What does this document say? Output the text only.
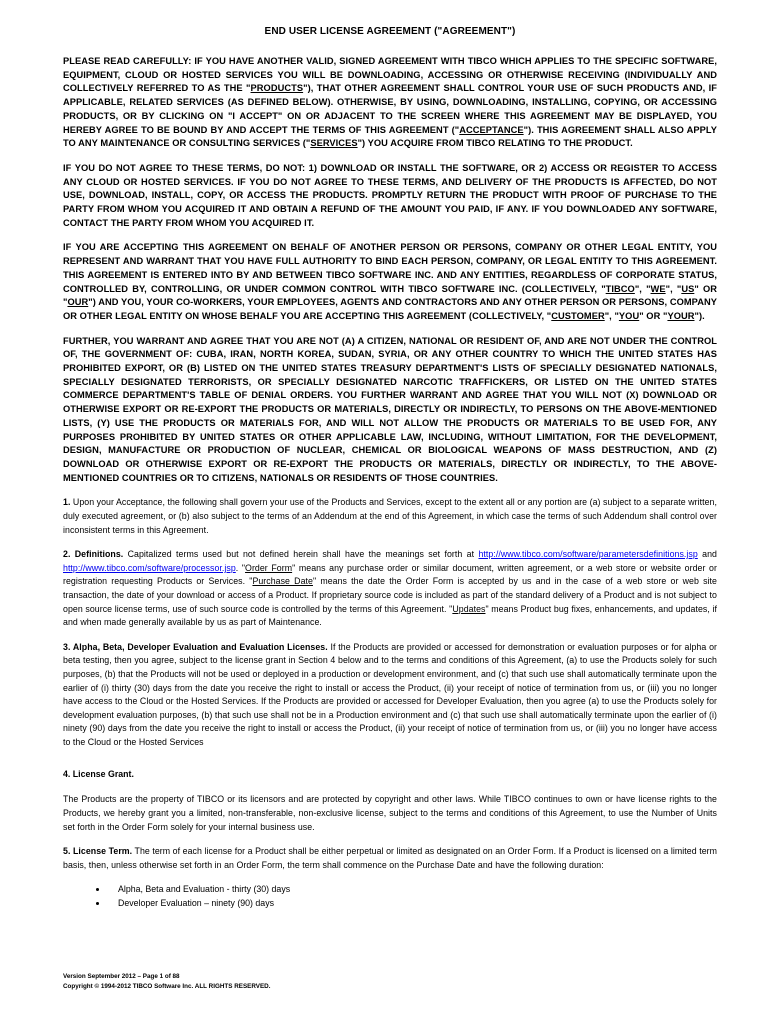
END USER LICENSE AGREEMENT ("AGREEMENT")

PLEASE READ CAREFULLY: IF YOU HAVE ANOTHER VALID, SIGNED AGREEMENT WITH TIBCO WHICH APPLIES TO THE SPECIFIC SOFTWARE, EQUIPMENT, CLOUD OR HOSTED SERVICES YOU WILL BE DOWNLOADING, ACCESSING OR OTHERWISE RECEIVING (INDIVIDUALLY AND COLLECTIVELY REFERRED TO AS THE "PRODUCTS"), THAT OTHER AGREEMENT SHALL CONTROL YOUR USE OF SUCH PRODUCTS AND, IF APPLICABLE, RELATED SERVICES (AS DEFINED BELOW). OTHERWISE, BY USING, DOWNLOADING, INSTALLING, COPYING, OR ACCESSING PRODUCTS, OR BY CLICKING ON "I ACCEPT" ON OR ADJACENT TO THE SCREEN WHERE THIS AGREEMENT MAY BE DISPLAYED, YOU HEREBY AGREE TO BE BOUND BY AND ACCEPT THE TERMS OF THIS AGREEMENT ("ACCEPTANCE"). THIS AGREEMENT SHALL ALSO APPLY TO ANY MAINTENANCE OR CONSULTING SERVICES ("SERVICES") YOU ACQUIRE FROM TIBCO RELATING TO THE PRODUCT.

IF YOU DO NOT AGREE TO THESE TERMS, DO NOT: 1) DOWNLOAD OR INSTALL THE SOFTWARE, OR 2) ACCESS OR REGISTER TO ACCESS ANY CLOUD OR HOSTED SERVICES. IF YOU DO NOT AGREE TO THESE TERMS, AND DELIVERY OF THE PRODUCTS IS AFFECTED, DO NOT USE, DOWNLOAD, INSTALL, COPY, OR ACCESS THE PRODUCTS. PROMPTLY RETURN THE PRODUCT WITH PROOF OF PURCHASE TO THE PARTY FROM WHOM YOU ACQUIRED IT AND OBTAIN A REFUND OF THE AMOUNT YOU PAID, IF ANY. IF YOU DOWNLOADED ANY SOFTWARE, CONTACT THE PARTY FROM WHOM YOU ACQUIRED IT.

IF YOU ARE ACCEPTING THIS AGREEMENT ON BEHALF OF ANOTHER PERSON OR PERSONS, COMPANY OR OTHER LEGAL ENTITY, YOU REPRESENT AND WARRANT THAT YOU HAVE FULL AUTHORITY TO BIND EACH PERSON, COMPANY, OR LEGAL ENTITY TO THIS AGREEMENT. THIS AGREEMENT IS ENTERED INTO BY AND BETWEEN TIBCO SOFTWARE INC. AND ANY ENTITIES, REGARDLESS OF CORPORATE STATUS, CONTROLLED BY, CONTROLLING, OR UNDER COMMON CONTROL WITH TIBCO SOFTWARE INC. (COLLECTIVELY, "TIBCO", "WE", "US" OR "OUR") AND YOU, YOUR CO-WORKERS, YOUR EMPLOYEES, AGENTS AND CONTRACTORS AND ANY OTHER PERSON OR PERSONS, COMPANY OR OTHER LEGAL ENTITY ON WHOSE BEHALF YOU ARE ACCEPTING THIS AGREEMENT (COLLECTIVELY, "CUSTOMER", "YOU" OR "YOUR").

FURTHER, YOU WARRANT AND AGREE THAT YOU ARE NOT (A) A CITIZEN, NATIONAL OR RESIDENT OF, AND ARE NOT UNDER THE CONTROL OF, THE GOVERNMENT OF: CUBA, IRAN, NORTH KOREA, SUDAN, SYRIA, OR ANY OTHER COUNTRY TO WHICH THE UNITED STATES HAS PROHIBITED EXPORT, OR (B) LISTED ON THE UNITED STATES TREASURY DEPARTMENT'S LISTS OF SPECIALLY DESIGNATED NATIONALS, SPECIALLY DESIGNATED TERRORISTS, OR SPECIALLY DESIGNATED NARCOTIC TRAFFICKERS, OR LISTED ON THE UNITED STATES COMMERCE DEPARTMENT'S TABLE OF DENIAL ORDERS. YOU FURTHER WARRANT AND AGREE THAT YOU WILL NOT (X) DOWNLOAD OR OTHERWISE EXPORT OR RE-EXPORT THE PRODUCTS OR MATERIALS, DIRECTLY OR INDIRECTLY, TO PERSONS ON THE ABOVE-MENTIONED LISTS, (Y) USE THE PRODUCTS OR MATERIALS FOR, AND WILL NOT ALLOW THE PRODUCTS OR MATERIALS TO BE USED FOR, ANY PURPOSES PROHIBITED BY UNITED STATES OR OTHER APPLICABLE LAW, INCLUDING, WITHOUT LIMITATION, FOR THE DEVELOPMENT, DESIGN, MANUFACTURE OR PRODUCTION OF NUCLEAR, CHEMICAL OR BIOLOGICAL WEAPONS OF MASS DESTRUCTION, AND (Z) DOWNLOAD OR OTHERWISE EXPORT OR RE-EXPORT THE PRODUCTS OR MATERIALS, DIRECTLY OR INDIRECTLY, TO THE ABOVE-MENTIONED COUNTRIES OR TO CITIZENS, NATIONALS OR RESIDENTS OF THOSE COUNTRIES.

1. Upon your Acceptance, the following shall govern your use of the Products and Services, except to the extent all or any portion are (a) subject to a separate written, duly executed agreement, or (b) also subject to the terms of an Addendum at the end of this Agreement, in which case the terms of such Addendum shall control over inconsistent terms in this Agreement.

2. Definitions. Capitalized terms used but not defined herein shall have the meanings set forth at http://www.tibco.com/software/parametersdefinitions.jsp and http://www.tibco.com/software/processor.jsp. "Order Form" means any purchase order or similar document, written agreement, or a web store or website order or registration requesting Products or Services. "Purchase Date" means the date the Order Form is accepted by us and in the case of a web store or web site transaction, the date of your download or access of a Product. If proprietary source code is included as part of the standard delivery of a Product and is not subject to open source license terms, use of such source code is controlled by the terms of this Agreement. "Updates" means Product bug fixes, enhancements, and updates, if and when made generally available by us as part of Maintenance.

3. Alpha, Beta, Developer Evaluation and Evaluation Licenses. If the Products are provided or accessed for demonstration or evaluation purposes or for alpha or beta testing, then you agree, subject to the license grant in Section 4 below and to the terms and conditions of this Agreement, (a) to use the Products solely for such purposes, (b) that the Products will not be used or deployed in a production or development environment, and (c) that such use shall automatically terminate upon the earlier of (i) thirty (30) days from the date you receive the right to install or access the Product, (ii) your receipt of notice of termination from us, or (iii) you no longer have access to the Cloud or the Hosted Services. If the Products are provided or accessed for Developer Evaluation, then you agree (a) to use the Products solely for development evaluation purposes, (b) that such use shall not be in a Production environment and (c) that such use shall automatically terminate upon the earlier of (i) ninety (90) days from the date you receive the right to install or access the Product, (ii) your receipt of notice of termination from us, or (iii) you no longer have access to the Cloud or the Hosted Services

4. License Grant.

The Products are the property of TIBCO or its licensors and are protected by copyright and other laws. While TIBCO continues to own or have license rights to the Products, we hereby grant you a limited, non-transferable, non-exclusive license, subject to the terms and conditions of this Agreement, to use the Number of Units set forth in the Order Form solely for your internal business use.

5. License Term. The term of each license for a Product shall be either perpetual or limited as designated on an Order Form. If a Product is licensed on a limited term basis, then, unless otherwise set forth in an Order Form, the term shall commence on the Purchase Date and have the following duration:

• Alpha, Beta and Evaluation - thirty (30) days
• Developer Evaluation – ninety (90) days
Version September 2012 – Page 1 of 88
Copyright © 1994-2012 TIBCO Software Inc. ALL RIGHTS RESERVED.
